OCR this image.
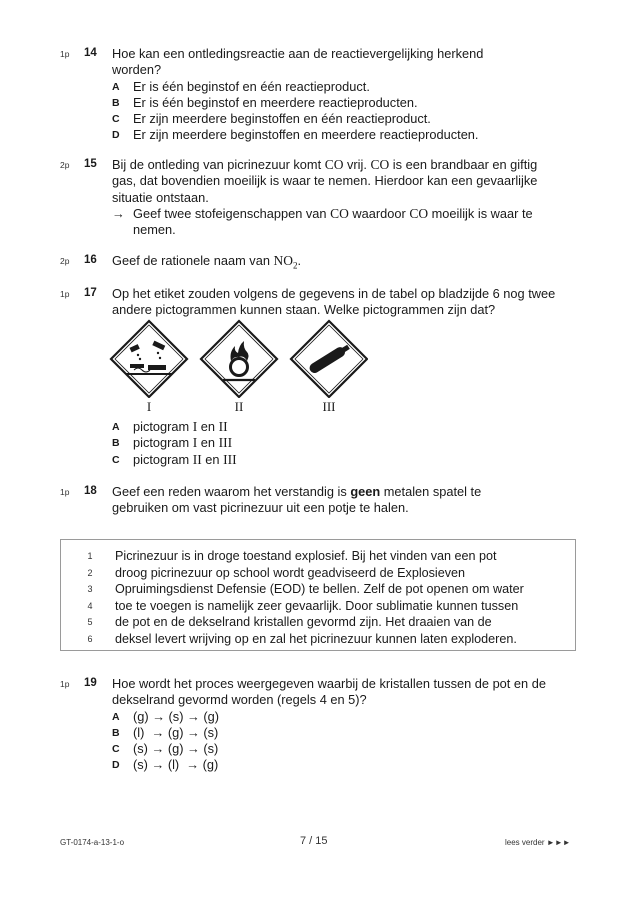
1p 14 Hoe kan een ontledingsreactie aan de reactievergelijking herkend worden?
A	Er is één beginstof en één reactieproduct.
B	Er is één beginstof en meerdere reactieproducten.
C	Er zijn meerdere beginstoffen en één reactieproduct.
D	Er zijn meerdere beginstoffen en meerdere reactieproducten.
2p 15 Bij de ontleding van picrinezuur komt CO vrij. CO is een brandbaar en giftig gas, dat bovendien moeilijk is waar te nemen. Hierdoor kan een gevaarlijke situatie ontstaan.
→ Geef twee stofeigenschappen van CO waardoor CO moeilijk is waar te nemen.
2p 16 Geef de rationele naam van $NO_2$.
1p 17 Op het etiket zouden volgens de gegevens in de tabel op bladzijde 6 nog twee andere pictogrammen kunnen staan. Welke pictogrammen zijn dat?
I	II	III
A	pictogram I en II
B	pictogram I en III
C	pictogram II en III
1p 18 Geef een reden waarom het verstandig is geen metalen spatel te gebruiken om vast picrinezuur uit een potje te halen.
1 Picrinezuur is in droge toestand explosief. Bij het vinden van een pot
2 droog picrinezuur op school wordt geadviseerd de Explosieven
3 Opruimingsdienst Defensie (EOD) te bellen. Zelf de pot openen om water
4 toe te voegen is namelijk zeer gevaarlijk. Door sublimatie kunnen tussen
5 de pot en de dekselrand kristallen gevormd zijn. Het draaien van de
6 deksel levert wrijving op en zal het picrinezuur kunnen laten exploderen.
1p 19 Hoe wordt het proces weergegeven waarbij de kristallen tussen de pot en de dekselrand gevormd worden (regels 4 en 5)?
A	(g) → (s) → (g)
B	(l)  → (g) → (s)
C	(s) → (g) → (s)
D	(s) → (l)  → (g)
GT-0174-a-13-1-o	7 / 15	lees verder ►►►
